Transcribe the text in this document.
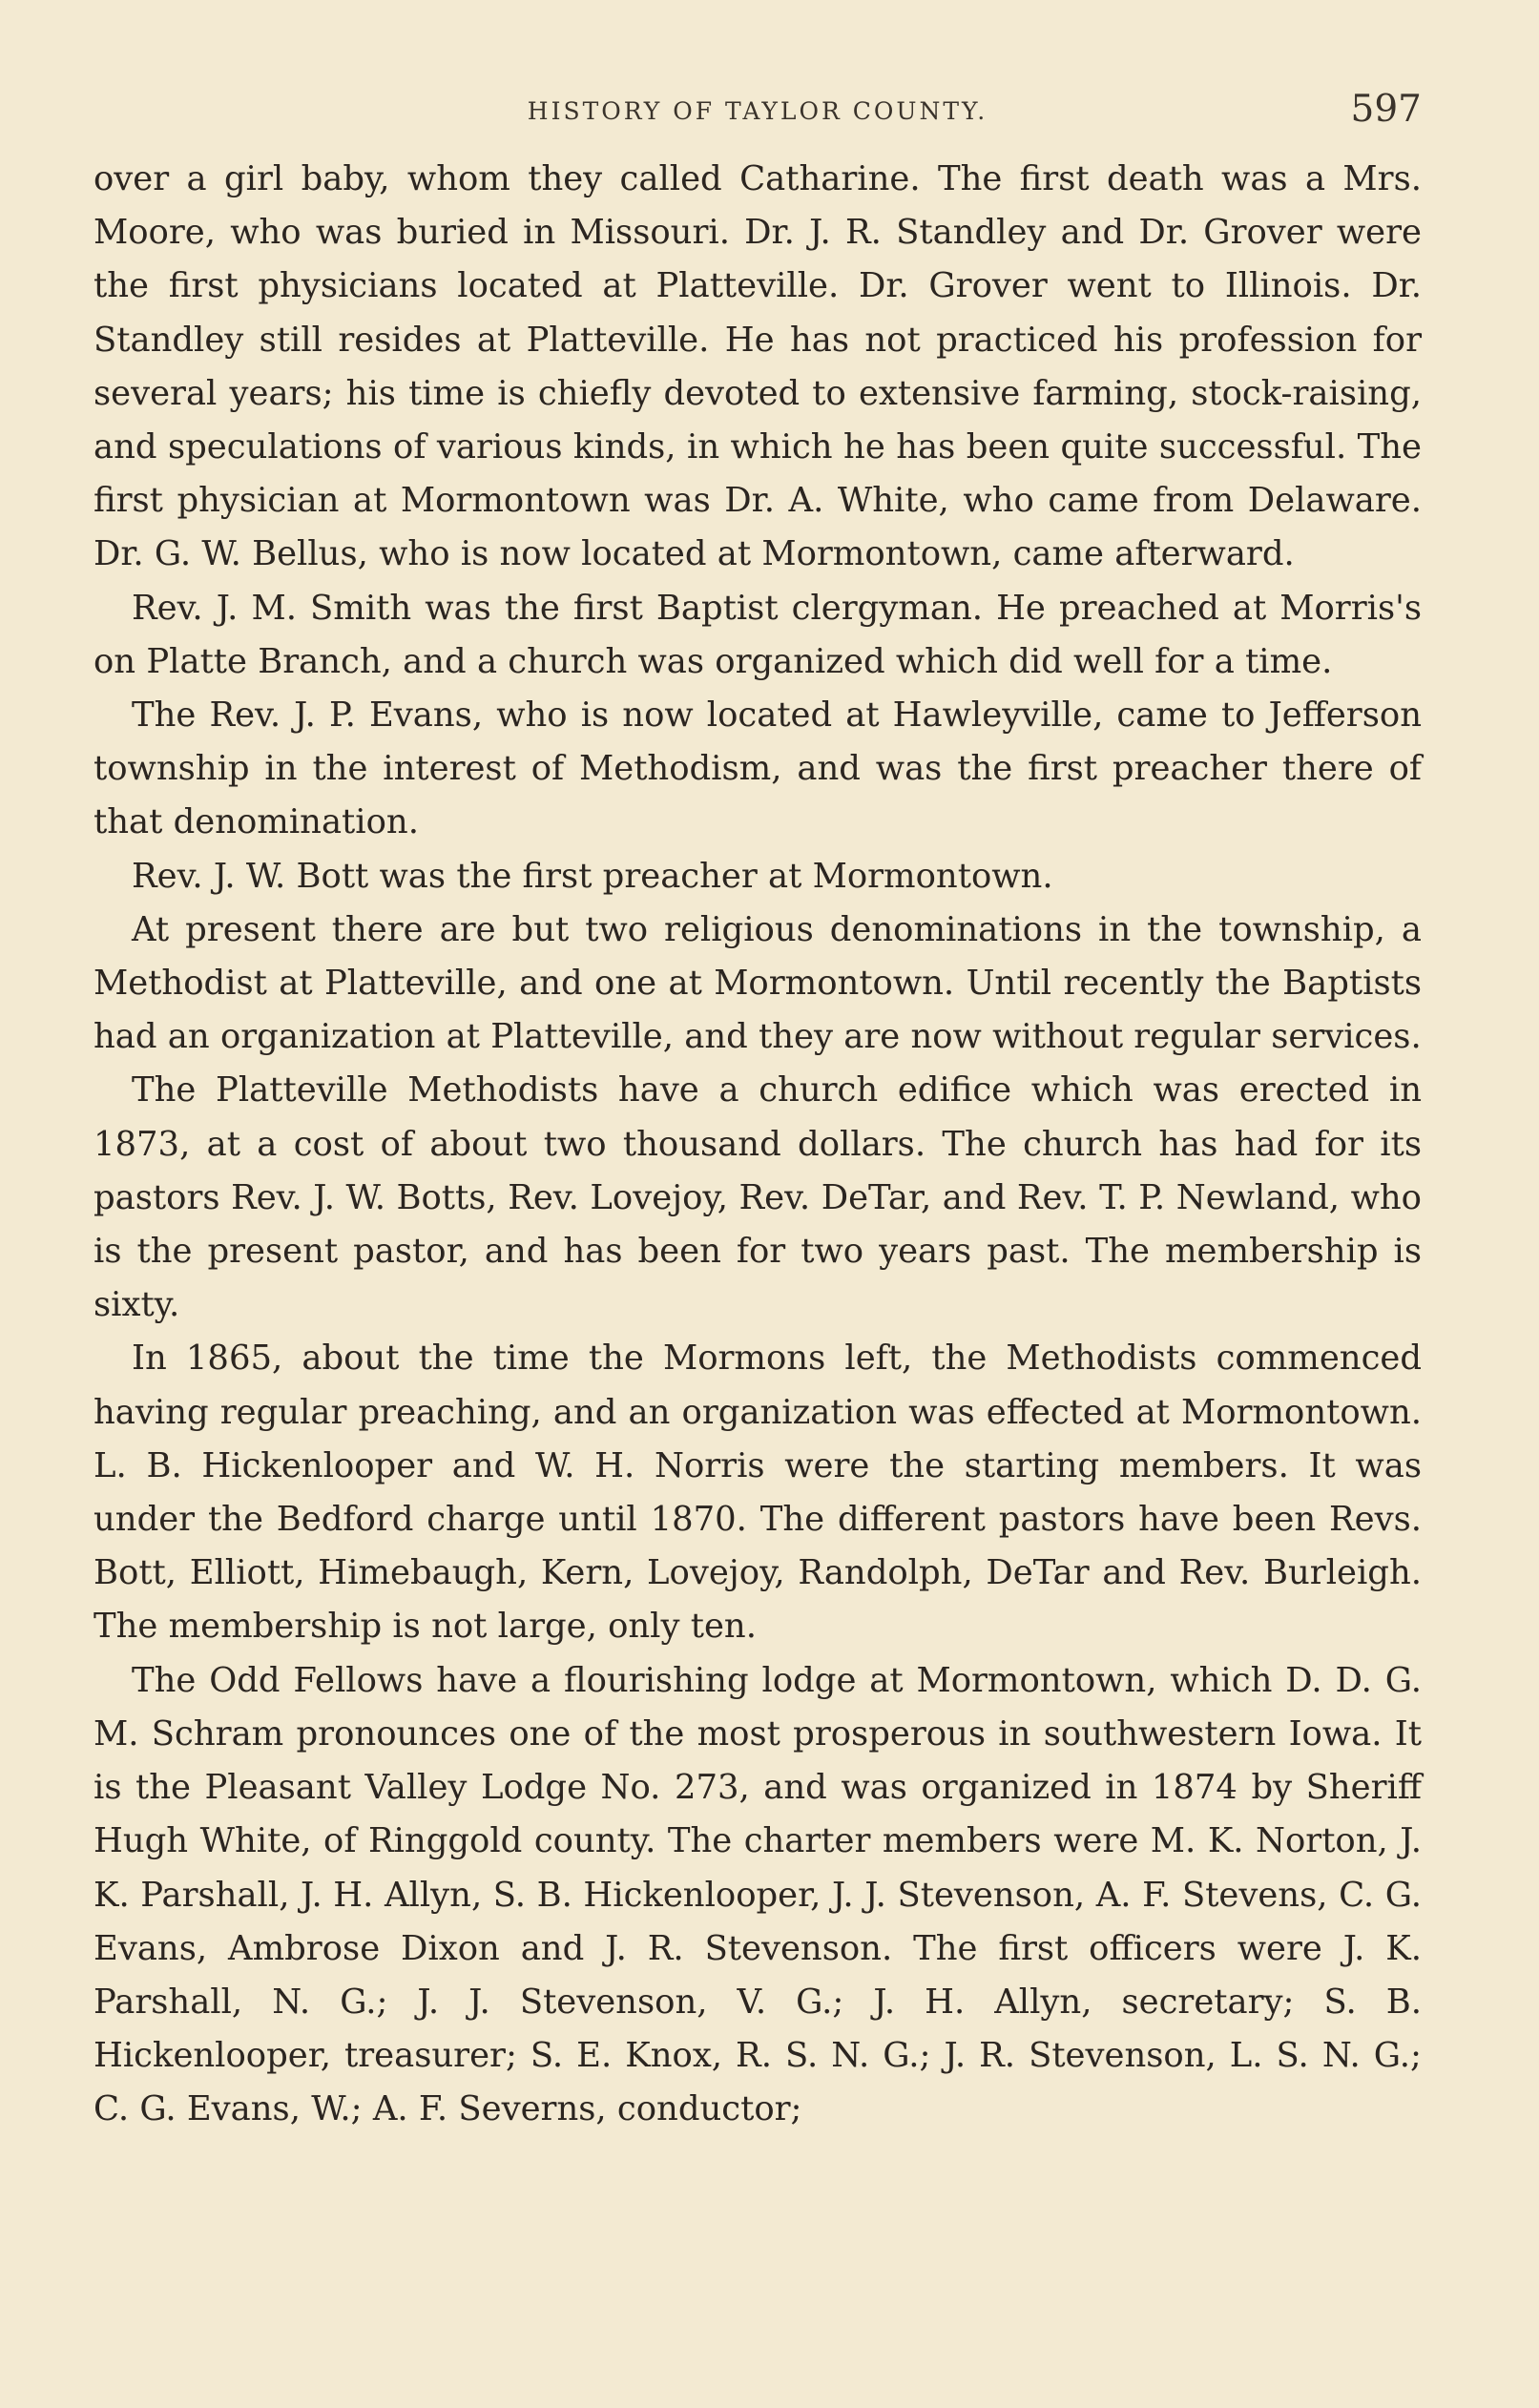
HISTORY OF TAYLOR COUNTY.	597

over a girl baby, whom they called Catharine. The first death was a Mrs. Moore, who was buried in Missouri. Dr. J. R. Standley and Dr. Grover were the first physicians located at Platteville. Dr. Grover went to Illinois. Dr. Standley still resides at Platteville. He has not practiced his profession for several years; his time is chiefly devoted to extensive farming, stock-raising, and speculations of various kinds, in which he has been quite successful. The first physician at Mormontown was Dr. A. White, who came from Delaware. Dr. G. W. Bellus, who is now located at Mormontown, came afterward.

Rev. J. M. Smith was the first Baptist clergyman. He preached at Morris's on Platte Branch, and a church was organized which did well for a time.

The Rev. J. P. Evans, who is now located at Hawleyville, came to Jefferson township in the interest of Methodism, and was the first preacher there of that denomination.

Rev. J. W. Bott was the first preacher at Mormontown.

At present there are but two religious denominations in the township, a Methodist at Platteville, and one at Mormontown. Until recently the Baptists had an organization at Platteville, and they are now without regular services.

The Platteville Methodists have a church edifice which was erected in 1873, at a cost of about two thousand dollars. The church has had for its pastors Rev. J. W. Botts, Rev. Lovejoy, Rev. DeTar, and Rev. T. P. Newland, who is the present pastor, and has been for two years past. The membership is sixty.

In 1865, about the time the Mormons left, the Methodists commenced having regular preaching, and an organization was effected at Mormontown. L. B. Hickenlooper and W. H. Norris were the starting members. It was under the Bedford charge until 1870. The different pastors have been Revs. Bott, Elliott, Himebaugh, Kern, Lovejoy, Randolph, DeTar and Rev. Burleigh. The membership is not large, only ten.

The Odd Fellows have a flourishing lodge at Mormontown, which D. D. G. M. Schram pronounces one of the most prosperous in southwestern Iowa. It is the Pleasant Valley Lodge No. 273, and was organized in 1874 by Sheriff Hugh White, of Ringgold county. The charter members were M. K. Norton, J. K. Parshall, J. H. Allyn, S. B. Hickenlooper, J. J. Stevenson, A. F. Stevens, C. G. Evans, Ambrose Dixon and J. R. Stevenson. The first officers were J. K. Parshall, N. G.; J. J. Stevenson, V. G.; J. H. Allyn, secretary; S. B. Hickenlooper, treasurer; S. E. Knox, R. S. N. G.; J. R. Stevenson, L. S. N. G.; C. G. Evans, W.; A. F. Severns, conductor;
